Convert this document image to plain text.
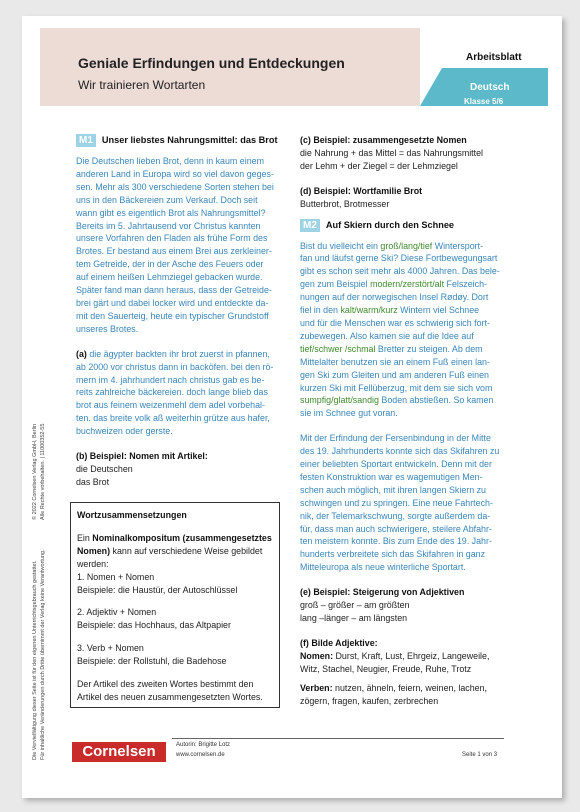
Geniale Erfindungen und Entdeckungen
Wir trainieren Wortarten
Arbeitsblatt
Deutsch
Klasse 5/6
© 2022 Cornelsen Verlag GmbH, Berlin Alle Rechte vorbehalten. | 11000352-55
Die Vervielfältigung dieser Seite ist für den eigenen Unterrichtsgebrauch gestattet. Für inhaltliche Veränderungen durch Dritte übernimmt der Verlag keine Verantwortung.

M1 Unser liebstes Nahrungsmittel: das Brot

Die Deutschen lieben Brot, denn in kaum einem
anderen Land in Europa wird so viel davon geges-
sen. Mehr als 300 verschiedene Sorten stehen bei
uns in den Bäckereien zum Verkauf. Doch seit
wann gibt es eigentlich Brot als Nahrungsmittel?
Bereits im 5. Jahrtausend vor Christus kannten
unsere Vorfahren den Fladen als frühe Form des
Brotes. Er bestand aus einem Brei aus zerkleiner-
tem Getreide, der in der Asche des Feuers oder
auf einem heißen Lehmziegel gebacken wurde.
Später fand man dann heraus, dass der Getreide-
brei gärt und dabei locker wird und entdeckte da-
mit den Sauerteig, heute ein typischer Grundstoff
unseres Brotes.
(a) die ägypter backten ihr brot zuerst in pfannen,
ab 2000 vor christus dann in backöfen. bei den rö-
mern im 4. jahrhundert nach christus gab es be-
reits zahlreiche bäckereien. doch lange blieb das
brot aus feinem weizenmehl dem adel vorbehal-
ten. das breite volk aß weiterhin grütze aus hafer,
buchweizen oder gerste.

(b) Beispiel: Nomen mit Artikel:

die Deutschen
das Brot

Wortzusammensetzungen

Ein Nominalkompositum (zusammengesetztes Nomen) kann auf verschiedene Weise gebildet werden:

1. Nomen + Nomen

Beispiele: die Haustür, der Autoschlüssel

2. Adjektiv + Nomen

Beispiele: das Hochhaus, das Altpapier

3. Verb + Nomen

Beispiele: der Rollstuhl, die Badehose

Der Artikel des zweiten Wortes bestimmt den Artikel des neuen zusammengesetzten Wortes.

(c) Beispiel: zusammengesetzte Nomen

die Nahrung + das Mittel = das Nahrungsmittel
der Lehm + der Ziegel = der Lehmziegel

(d) Beispiel: Wortfamilie Brot

Butterbrot, Brotmesser

M2 Auf Skiern durch den Schnee

Bist du vielleicht ein groß/lang/tief Wintersport-
fan und läufst gerne Ski? Diese Fortbewegungsart
gibt es schon seit mehr als 4000 Jahren. Das bele-
gen zum Beispiel modern/zerstört/alt Felszeich-
nungen auf der norwegischen Insel Rødøy. Dort
fiel in den kalt/warm/kurz Wintern viel Schnee
und für die Menschen war es schwierig sich fort-
zubewegen. Also kamen sie auf die Idee auf
tief/schwer /schmal Bretter zu steigen. Ab dem
Mittelalter benutzen sie an einem Fuß einen lan-
gen Ski zum Gleiten und am anderen Fuß einen
kurzen Ski mit Fellüberzug, mit dem sie sich vom
sumpfig/glatt/sandig Boden abstießen. So kamen
sie im Schnee gut voran.
Mit der Erfindung der Fersenbindung in der Mitte
des 19. Jahrhunderts konnte sich das Skifahren zu
einer beliebten Sportart entwickeln. Denn mit der
festen Konstruktion war es wagemutigen Men-
schen auch möglich, mit ihren langen Skiern zu
schwingen und zu springen. Eine neue Fahrtech-
nik, der Telemarkschwung, sorgte außerdem da-
für, dass man auch schwierigere, steilere Abfahr-
ten meistern konnte. Bis zum Ende des 19. Jahr-
hunderts verbreitete sich das Skifahren in ganz
Mitteleuropa als neue winterliche Sportart.

(e) Beispiel: Steigerung von Adjektiven

groß – größer – am größten
lang –länger – am längsten

(f) Bilde Adjektive:

Nomen: Durst, Kraft, Lust, Ehrgeiz, Langeweile,

Witz, Stachel, Neugier, Freude, Ruhe, Trotz

Verben: nutzen, ähneln, feiern, weinen, lachen,

zögern, fragen, kaufen, zerbrechen

Cornelsen	Autorin: Brigitte Lotz
www.cornelsen.de	Seite 1 von 3
